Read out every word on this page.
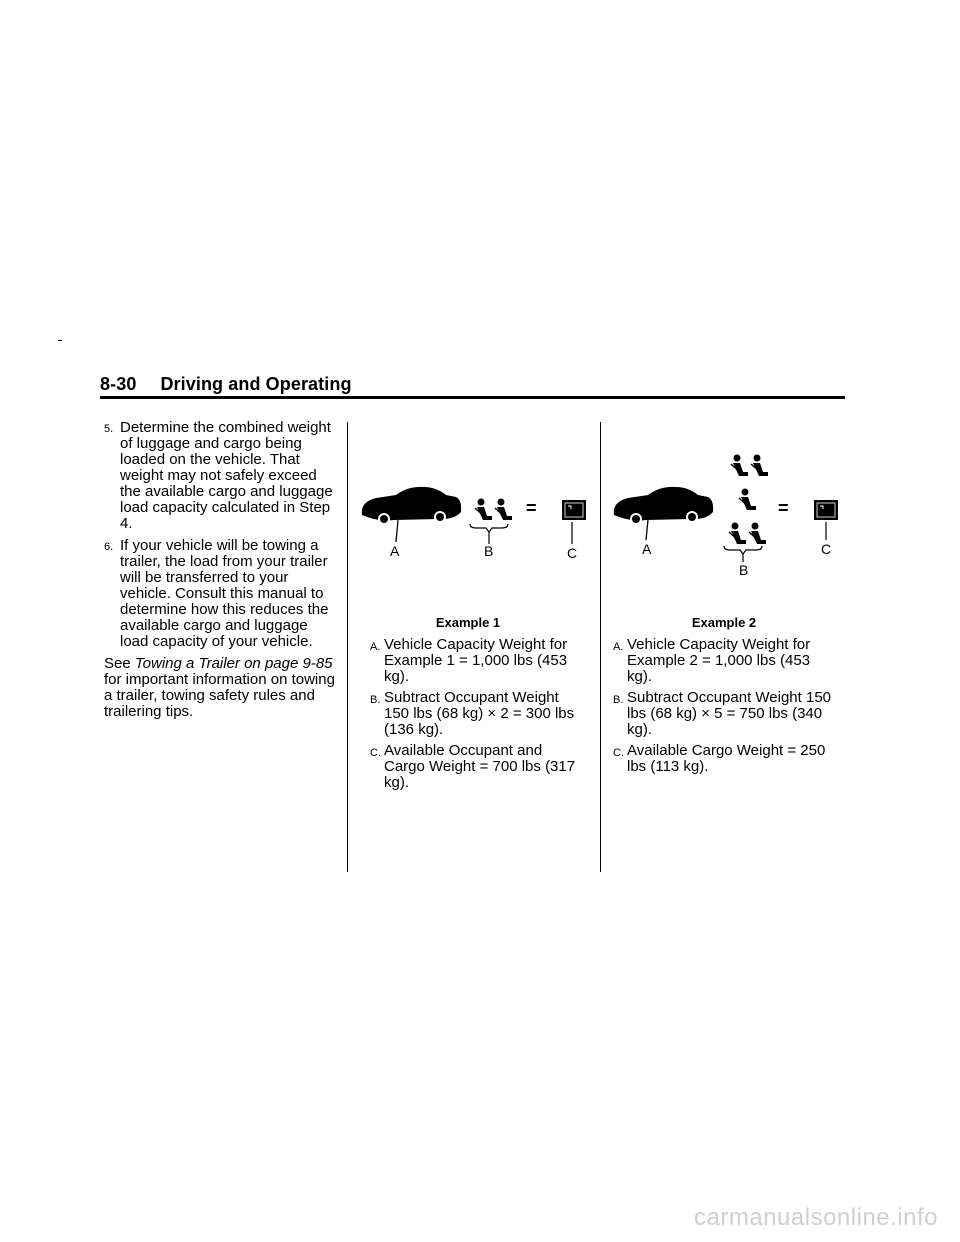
8-30 Driving and Operating
5. Determine the combined weight of luggage and cargo being loaded on the vehicle. That weight may not safely exceed the available cargo and luggage load capacity calculated in Step 4.
6. If your vehicle will be towing a trailer, the load from your trailer will be transferred to your vehicle. Consult this manual to determine how this reduces the available cargo and luggage load capacity of your vehicle.
See Towing a Trailer on page 9-85 for important information on towing a trailer, towing safety rules and trailering tips.
A
–
B
=
C
Example 1
A
–
B
=
C
Example 2
A. Vehicle Capacity Weight for Example 1 = 1,000 lbs (453 kg).
B. Subtract Occupant Weight 150 lbs (68 kg) × 2 = 300 lbs (136 kg).
C. Available Occupant and Cargo Weight = 700 lbs (317 kg).
A. Vehicle Capacity Weight for Example 2 = 1,000 lbs (453 kg).
B. Subtract Occupant Weight 150 lbs (68 kg) × 5 = 750 lbs (340 kg).
C. Available Cargo Weight = 250 lbs (113 kg).
carmanualsonline.info
